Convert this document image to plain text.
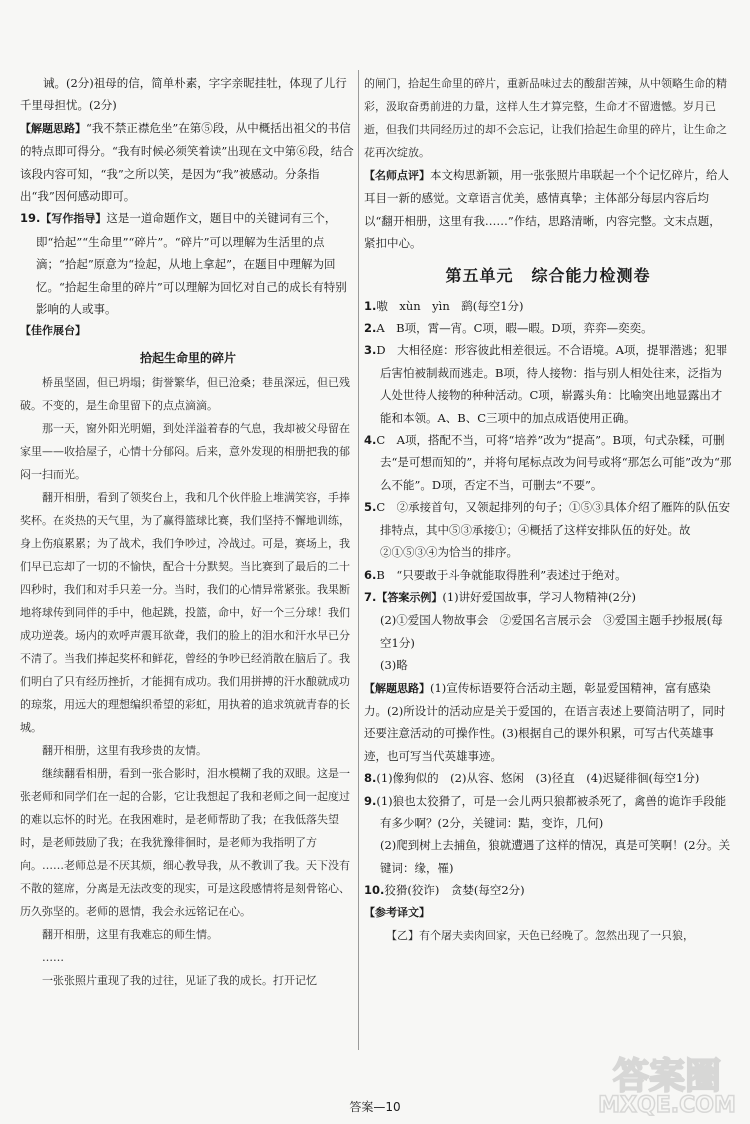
诫。(2分)祖母的信，简单朴素，字字亲昵挂牡，体现了儿行千里母担忧。(2分)

【解题思路】“我不禁正襟危坐”在第⑤段，从中概括出祖父的书信的特点即可得分。“我有时候必须笑着读”出现在文中第⑥段，结合该段内容可知，“我”之所以笑，是因为“我”被感动。分条指出“我”因何感动即可。

19.【写作指导】这是一道命题作文，题目中的关键词有三个，即“拾起”“生命里”“碎片”。“碎片”可以理解为生活里的点滴；“拾起”原意为“捡起，从地上拿起”，在题目中理解为回忆。“拾起生命里的碎片”可以理解为回忆对自己的成长有特别影响的人或事。

【佳作展台】

拾起生命里的碎片

桥虽坚固，但已坍塌；街誉繁华，但已沧桑；巷虽深远，但已残破。不变的，是生命里留下的点点滴滴。

那一天，窗外阳光明媚，到处洋溢着春的气息，我却被父母留在家里——收拾屋子，心情十分郁闷。后来，意外发现的相册把我的郁闷一扫而光。

翻开相册，看到了领奖台上，我和几个伙伴脸上堆满笑容，手捧奖杯。在炎热的天气里，为了赢得篮球比赛，我们坚持不懈地训练，身上伤痕累累；为了战术，我们争吵过，冷战过。可是，赛场上，我们早已忘却了一切的不愉快，配合十分默契。当比赛到了最后的二十四秒时，我们和对手只差一分。当时，我们的心情异常紧张。我果断地将球传到同伴的手中，他起跳，投篮，命中，好一个三分球！我们成功逆袭。场内的欢呼声震耳欲聋，我们的脸上的泪水和汗水早已分不清了。当我们捧起奖杯和鲜花，曾经的争吵已经消散在脑后了。我们明白了只有经历挫折，才能拥有成功。我们用拼搏的汗水酿就成功的琼浆，用远大的理想编织希望的彩虹，用执着的追求筑就青春的长城。

翻开相册，这里有我珍贵的友情。

继续翻看相册，看到一张合影时，泪水模糊了我的双眼。这是一张老师和同学们在一起的合影，它让我想起了我和老师之间一起度过的难以忘怀的时光。在我困难时，是老师帮助了我；在我低落失望时，是老师鼓励了我；在我犹豫徘徊时，是老师为我指明了方向。……老师总是不厌其烦，细心教导我，从不教训了我。天下没有不散的筵席，分离是无法改变的现实，可是这段感情将是刻骨铭心、历久弥坚的。老师的恩情，我会永远铭记在心。

翻开相册，这里有我难忘的师生情。

……

一张张照片重现了我的过往，见证了我的成长。打开记忆

的闸门，拾起生命里的碎片，重新品味过去的酸甜苦辣，从中领略生命的精彩，汲取奋勇前进的力量，这样人生才算完整，生命才不留遗憾。岁月已逝，但我们共同经历过的却不会忘记，让我们拾起生命里的碎片，让生命之花再次绽放。

【名师点评】本文构思新颖，用一张张照片串联起一个个记忆碎片，给人耳目一新的感觉。文章语言优美，感情真挚；主体部分每层内容后均以“翻开相册，这里有我……”作结，思路清晰，内容完整。文末点题，紧扣中心。

第五单元 综合能力检测卷

1.嗷　xùn　yìn　鹞(每空1分)

2.A　B项，霄—宵。C项，暇—暇。D项，弈弈—奕奕。

3.D　大相径庭：形容彼此相差很远。不合语境。A项，提罪潜逃；犯罪后害怕被制裁而逃走。B项，待人接物：指与别人相处往来，泛指为人处世待人接物的种种活动。C项，崭露头角：比喻突出地显露出才能和本领。A、B、C三项中的加点成语使用正确。

4.C　A项，搭配不当，可将“培养”改为“提高”。B项，句式杂糅，可删去“是可想而知的”，并将句尾标点改为问号或将“那怎么可能”改为“那么不能”。D项，否定不当，可删去“不要”。

5.C　②承接首句，又领起排列的句子；①⑤③具体介绍了雁阵的队伍安排特点，其中⑤③承接①；④概括了这样安排队伍的好处。故②①⑤③④为恰当的排序。

6.B　“只要敢于斗争就能取得胜利”表述过于绝对。

7.【答案示例】(1)讲好爱国故事，学习人物精神(2分)

(2)①爱国人物故事会　②爱国名言展示会　③爱国主题手抄报展(每空1分)

(3)略

【解题思路】(1)宣传标语要符合活动主题，彰显爱国精神，富有感染力。(2)所设计的活动应是关于爱国的，在语言表述上要简洁明了，同时还要注意活动的可操作性。(3)根据自己的课外积累，可写古代英雄事迹，也可写当代英雄事迹。

8.(1)像狗似的　(2)从容、悠闲　(3)径直　(4)迟疑徘徊(每空1分)

9.(1)狼也太狡猾了，可是一会儿两只狼都被杀死了，禽兽的诡诈手段能有多少啊？(2分，关键词：黠，变诈，几何)

(2)爬到树上去捕鱼，狼就遭遇了这样的情况，真是可笑啊！(2分。关键词：缘，罹)

10.狡猾(狡诈)　贪婪(每空2分)

【参考译文】

【乙】有个屠夫卖肉回家，天色已经晚了。忽然出现了一只狼，

答案—10
答案圈
MXQE.COM
